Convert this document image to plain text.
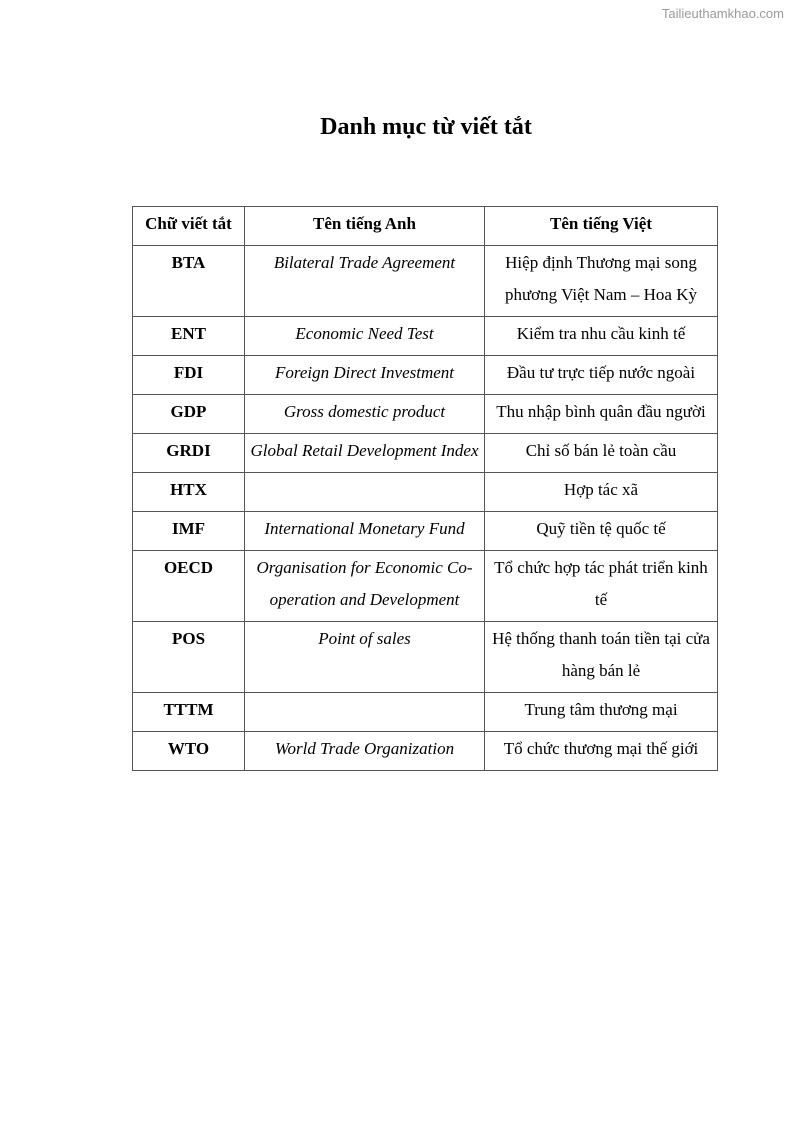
Tailieuthamkhao.com
Danh mục từ viết tắt
Chữ viết tắt	Tên tiếng Anh	Tên tiếng Việt
BTA	Bilateral Trade Agreement	Hiệp định Thương mại song phương Việt Nam – Hoa Kỳ
ENT	Economic Need Test	Kiểm tra nhu cầu kinh tế
FDI	Foreign Direct Investment	Đầu tư trực tiếp nước ngoài
GDP	Gross domestic product	Thu nhập bình quân đầu người
GRDI	Global Retail Development Index	Chỉ số bán lẻ toàn cầu
HTX		Hợp tác xã
IMF	International Monetary Fund	Quỹ tiền tệ quốc tế
OECD	Organisation for Economic Co-operation and Development	Tổ chức hợp tác phát triển kinh tế
POS	Point of sales	Hệ thống thanh toán tiền tại cửa hàng bán lẻ
TTTM		Trung tâm thương mại
WTO	World Trade Organization	Tổ chức thương mại thế giới
